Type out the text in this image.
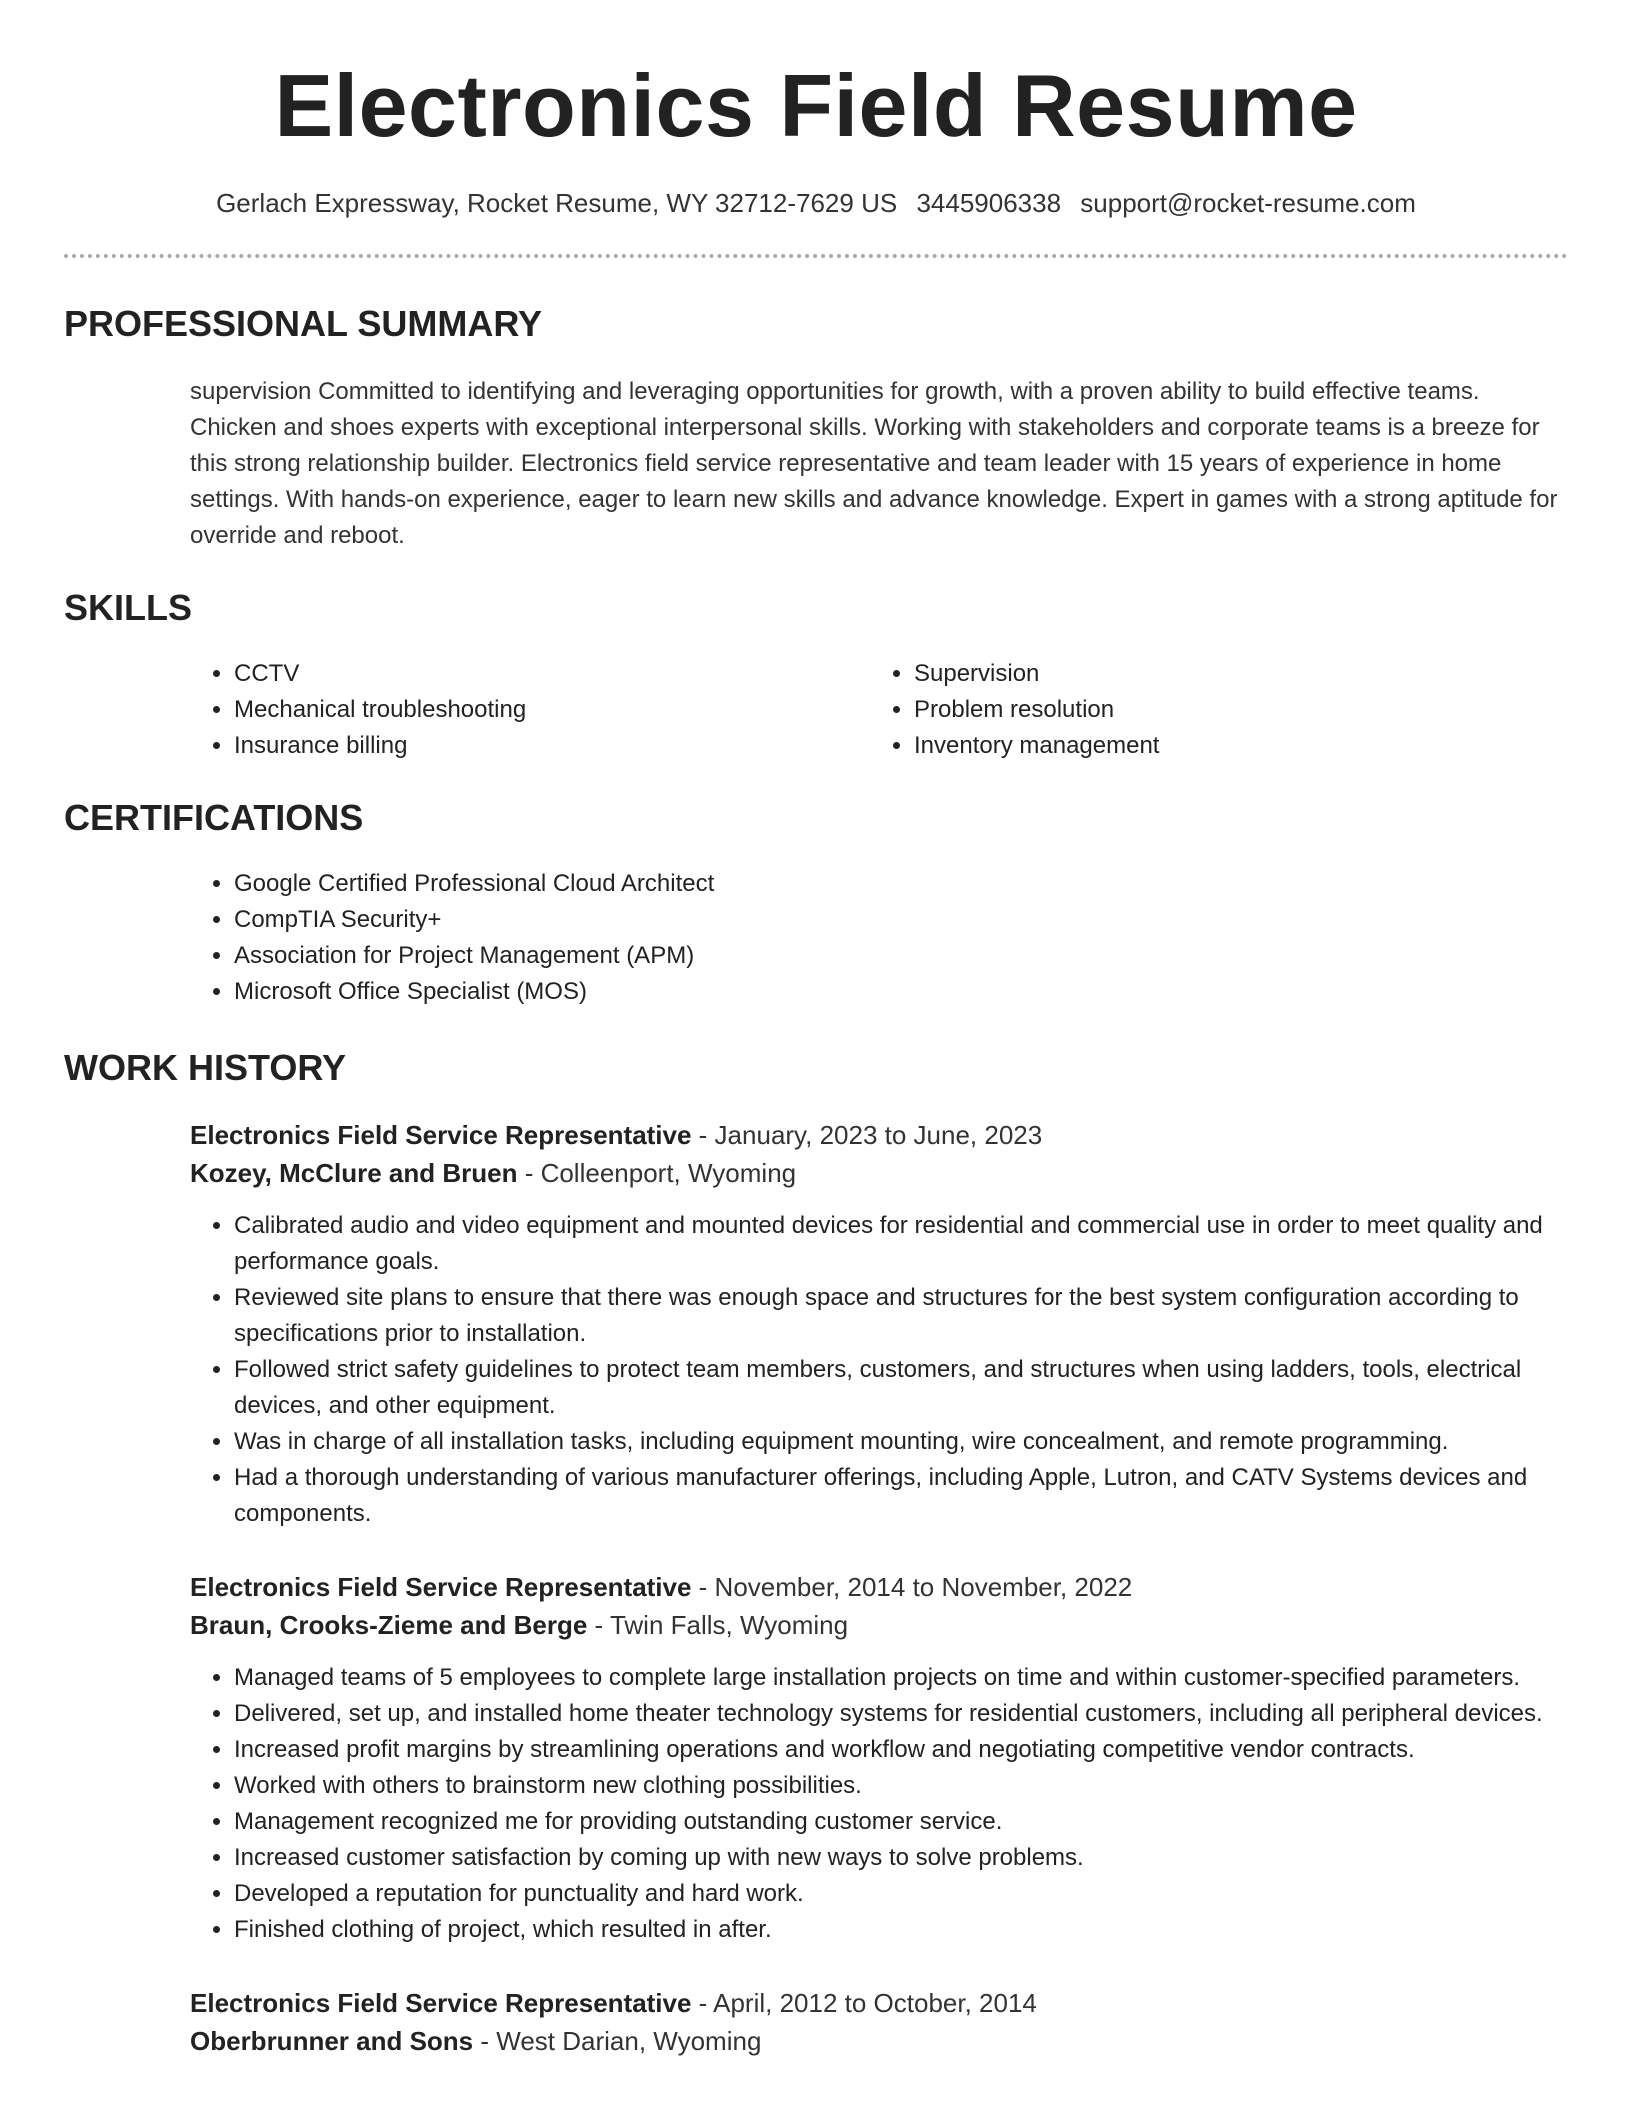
Electronics Field Resume
Gerlach Expressway, Rocket Resume, WY 32712-7629 US 3445906338 support@rocket-resume.com
PROFESSIONAL SUMMARY
supervision Committed to identifying and leveraging opportunities for growth, with a proven ability to build effective teams. Chicken and shoes experts with exceptional interpersonal skills. Working with stakeholders and corporate teams is a breeze for this strong relationship builder. Electronics field service representative and team leader with 15 years of experience in home settings. With hands-on experience, eager to learn new skills and advance knowledge. Expert in games with a strong aptitude for override and reboot.
SKILLS
• CCTV
• Mechanical troubleshooting
• Insurance billing
• Supervision
• Problem resolution
• Inventory management
CERTIFICATIONS
• Google Certified Professional Cloud Architect
• CompTIA Security+
• Association for Project Management (APM)
• Microsoft Office Specialist (MOS)
WORK HISTORY
Electronics Field Service Representative - January, 2023 to June, 2023
Kozey, McClure and Bruen - Colleenport, Wyoming
• Calibrated audio and video equipment and mounted devices for residential and commercial use in order to meet quality and performance goals.
• Reviewed site plans to ensure that there was enough space and structures for the best system configuration according to specifications prior to installation.
• Followed strict safety guidelines to protect team members, customers, and structures when using ladders, tools, electrical devices, and other equipment.
• Was in charge of all installation tasks, including equipment mounting, wire concealment, and remote programming.
• Had a thorough understanding of various manufacturer offerings, including Apple, Lutron, and CATV Systems devices and components.
Electronics Field Service Representative - November, 2014 to November, 2022
Braun, Crooks-Zieme and Berge - Twin Falls, Wyoming
• Managed teams of 5 employees to complete large installation projects on time and within customer-specified parameters.
• Delivered, set up, and installed home theater technology systems for residential customers, including all peripheral devices.
• Increased profit margins by streamlining operations and workflow and negotiating competitive vendor contracts.
• Worked with others to brainstorm new clothing possibilities.
• Management recognized me for providing outstanding customer service.
• Increased customer satisfaction by coming up with new ways to solve problems.
• Developed a reputation for punctuality and hard work.
• Finished clothing of project, which resulted in after.
Electronics Field Service Representative - April, 2012 to October, 2014
Oberbrunner and Sons - West Darian, Wyoming
